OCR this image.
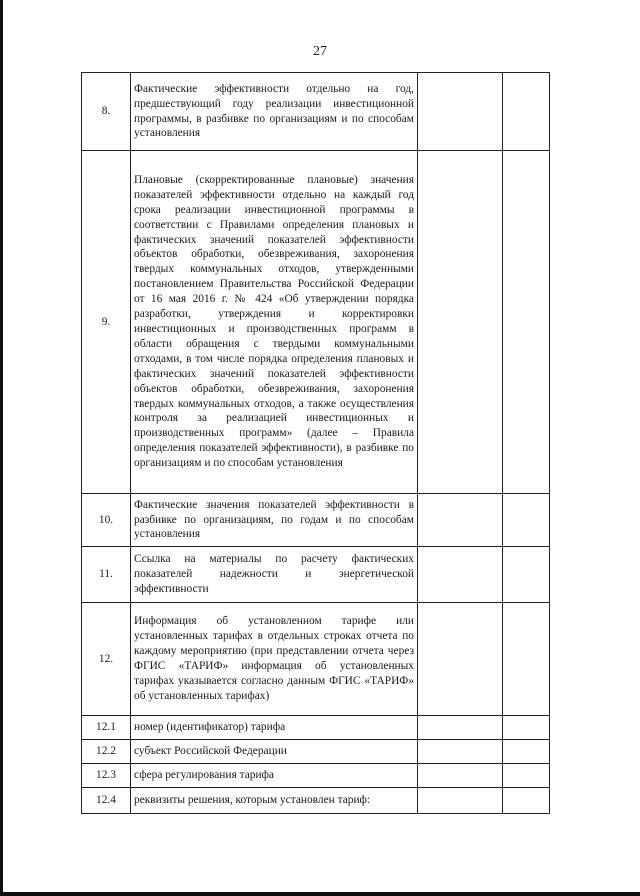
27
8.	Фактические эффективности отдельно на год, предшествующий году реализации инвестиционной программы, в разбивке по организациям и по способам установления		
9.	Плановые (скорректированные плановые) значения показателей эффективности отдельно на каждый год срока реализации инвестиционной программы в соответствии с Правилами определения плановых и фактических значений показателей эффективности объектов обработки, обезвреживания, захоронения твердых коммунальных отходов, утвержденными постановлением Правительства Российской Федерации от 16 мая 2016 г. № 424 «Об утверждении порядка разработки, утверждения и корректировки инвестиционных и производственных программ в области обращения с твердыми коммунальными отходами, в том числе порядка определения плановых и фактических значений показателей эффективности объектов обработки, обезвреживания, захоронения твердых коммунальных отходов, а также осуществления контроля за реализацией инвестиционных и производственных программ» (далее – Правила определения показателей эффективности), в разбивке по организациям и по способам установления		
10.	Фактические значения показателей эффективности в разбивке по организациям, по годам и по способам установления		
11.	Ссылка на материалы по расчету фактических показателей надежности и энергетической эффективности		
12.	Информация об установленном тарифе или установленных тарифах в отдельных строках отчета по каждому мероприятию (при представлении отчета через ФГИС «ТАРИФ» информация об установленных тарифах указывается согласно данным ФГИС «ТАРИФ» об установленных тарифах)		
12.1	номер (идентификатор) тарифа		
12.2	субъект Российской Федерации		
12.3	сфера регулирования тарифа		
12.4	реквизиты решения, которым установлен тариф:		
